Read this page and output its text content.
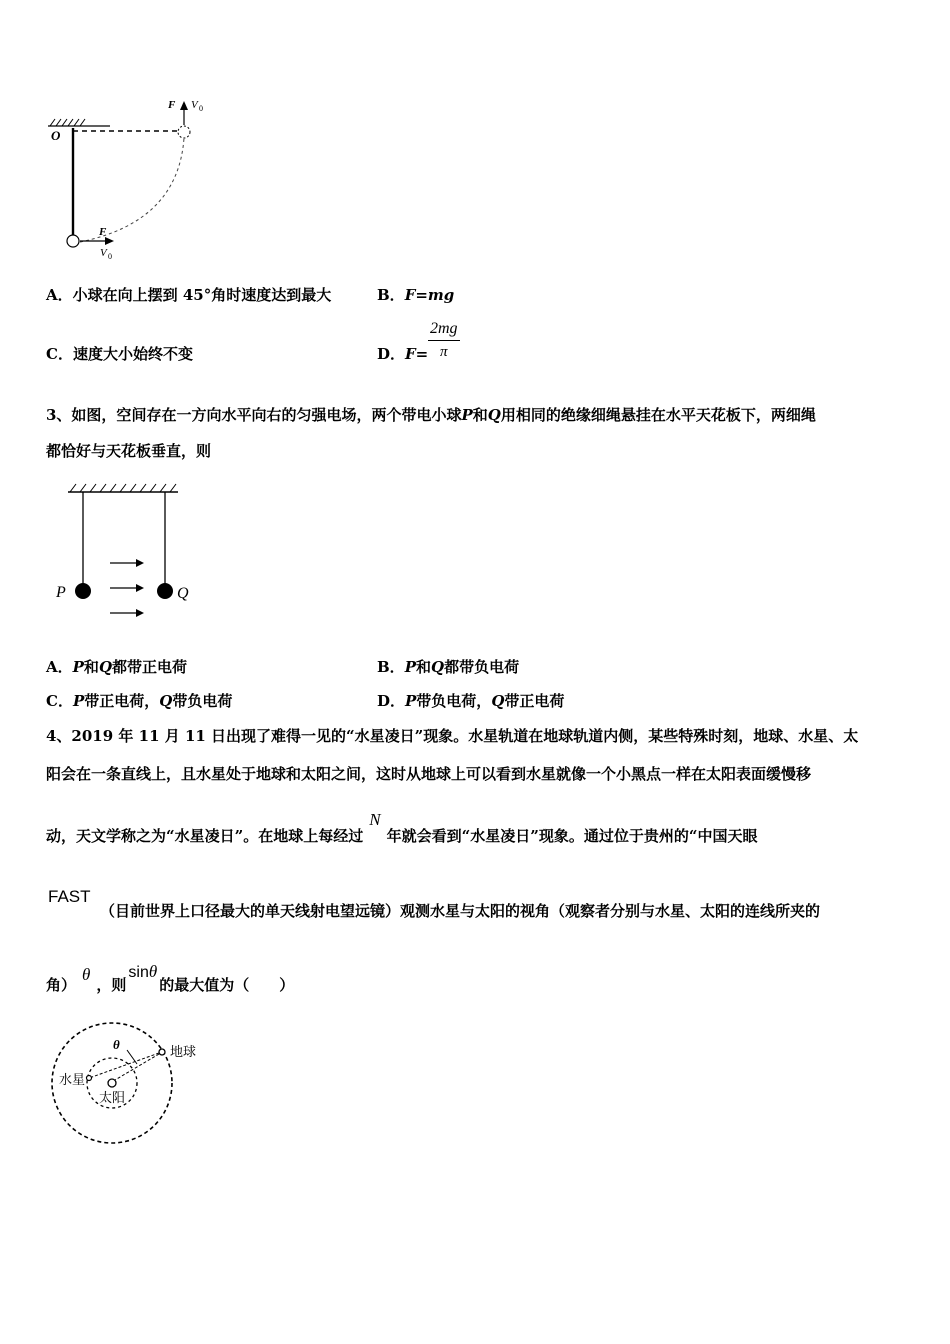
O
F V 0
F
V 0
A．小球在向上摆到 45°角时速度达到最大	B．F=mg
C．速度大小始终不变	D．F=
2mg
π
3、如图，空间存在一方向水平向右的匀强电场，两个带电小球P和Q用相同的绝缘细绳悬挂在水平天花板下，两细绳
都恰好与天花板垂直，则
P	Q
A．P和Q都带正电荷	B．P和Q都带负电荷
C．P带正电荷，Q带负电荷	D．P带负电荷，Q带正电荷
4、2019 年 11 月 11 日出现了难得一见的“水星凌日”现象。水星轨道在地球轨道内侧，某些特殊时刻，地球、水星、太
阳会在一条直线上，且水星处于地球和太阳之间，这时从地球上可以看到水星就像一个小黑点一样在太阳表面缓慢移
动，天文学称之为“水星凌日”。在地球上每经过N年就会看到“水星凌日”现象。通过位于贵州的“中国天眼
FAST
（目前世界上口径最大的单天线射电望远镜）观测水星与太阳的视角（观察者分别与水星、太阳的连线所夹的
角）θ，则sinθ的最大值为（　　）
θ	地球
水星
太阳
